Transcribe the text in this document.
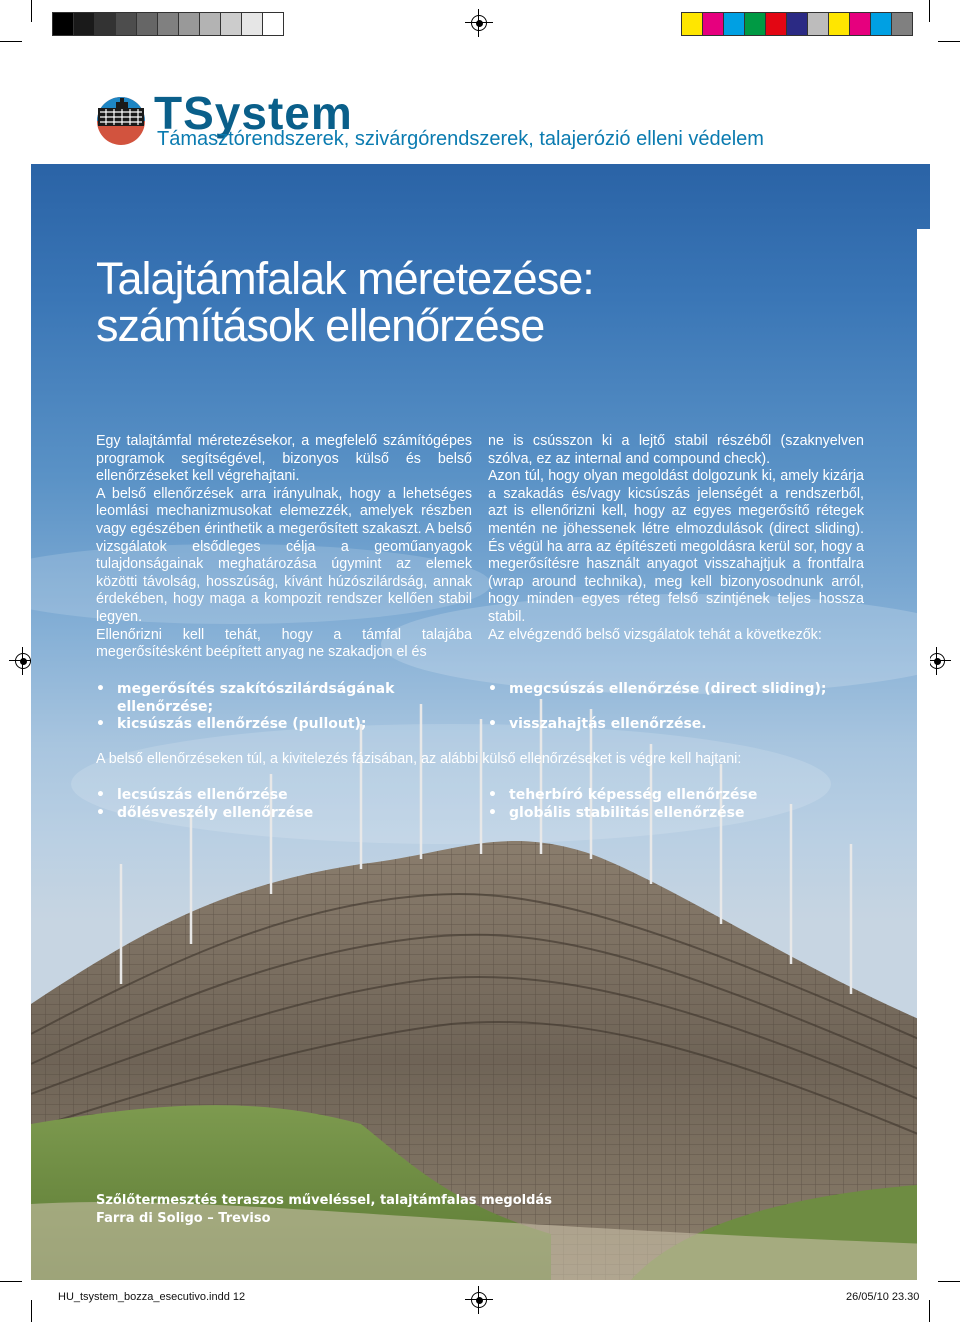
TSystem
Támasztórendszerek, szivárgórendszerek, talajerózió elleni védelem
Talajtámfalak méretezése:
számítások ellenőrzése

Egy talajtámfal méretezésekor, a megfelelő számítógépes programok segítségével, bizonyos külső és belső ellenőrzéseket kell végrehajtani.

A belső ellenőrzések arra irányulnak, hogy a lehetséges leomlási mechanizmusokat elemezzék, amelyek részben vagy egészében érinthetik a megerősített szakaszt. A belső vizsgálatok elsődleges célja a geoműanyagok tulajdonságainak meghatározása úgymint az elemek közötti távolság, hosszúság, kívánt húzószilárdság, annak érdekében, hogy maga a kompozit rendszer kellően stabil legyen.

Ellenőrizni kell tehát, hogy a támfal talajába megerősítésként beépített anyag ne szakadjon el és

ne is csússzon ki a lejtő stabil részéből (szaknyelven szólva, ez az internal and compound check).

Azon túl, hogy olyan megoldást dolgozunk ki, amely kizárja a szakadás és/vagy kicsúszás jelenségét a rendszerből, azt is ellenőrizni kell, hogy az egyes megerősítő rétegek mentén ne jöhessenek létre elmozdulások (direct sliding). És végül ha arra az építészeti megoldásra kerül sor, hogy a megerősítésre használt anyagot visszahajtjuk a frontfalra (wrap around technika), meg kell bizonyosodnunk arról, hogy minden egyes réteg felső szintjének teljes hossza stabil.

Az elvégzendő belső vizsgálatok tehát a következők:

• megerősítés szakítószilárdságának ellenőrzése;
• kicsúszás ellenőrzése (pullout);
• megcsúszás ellenőrzése (direct sliding);
• visszahajtás ellenőrzése.
A belső ellenőrzéseken túl, a kivitelezés fázisában, az alábbi külső ellenőrzéseket is végre kell hajtani:
• lecsúszás ellenőrzése
• dőlésveszély ellenőrzése
• teherbíró képesség ellenőrzése
• globális stabilitás ellenőrzése
Szőlőtermesztés teraszos műveléssel, talajtámfalas megoldás
Farra di Soligo – Treviso
HU_tsystem_bozza_esecutivo.indd 12	26/05/10 23.30
